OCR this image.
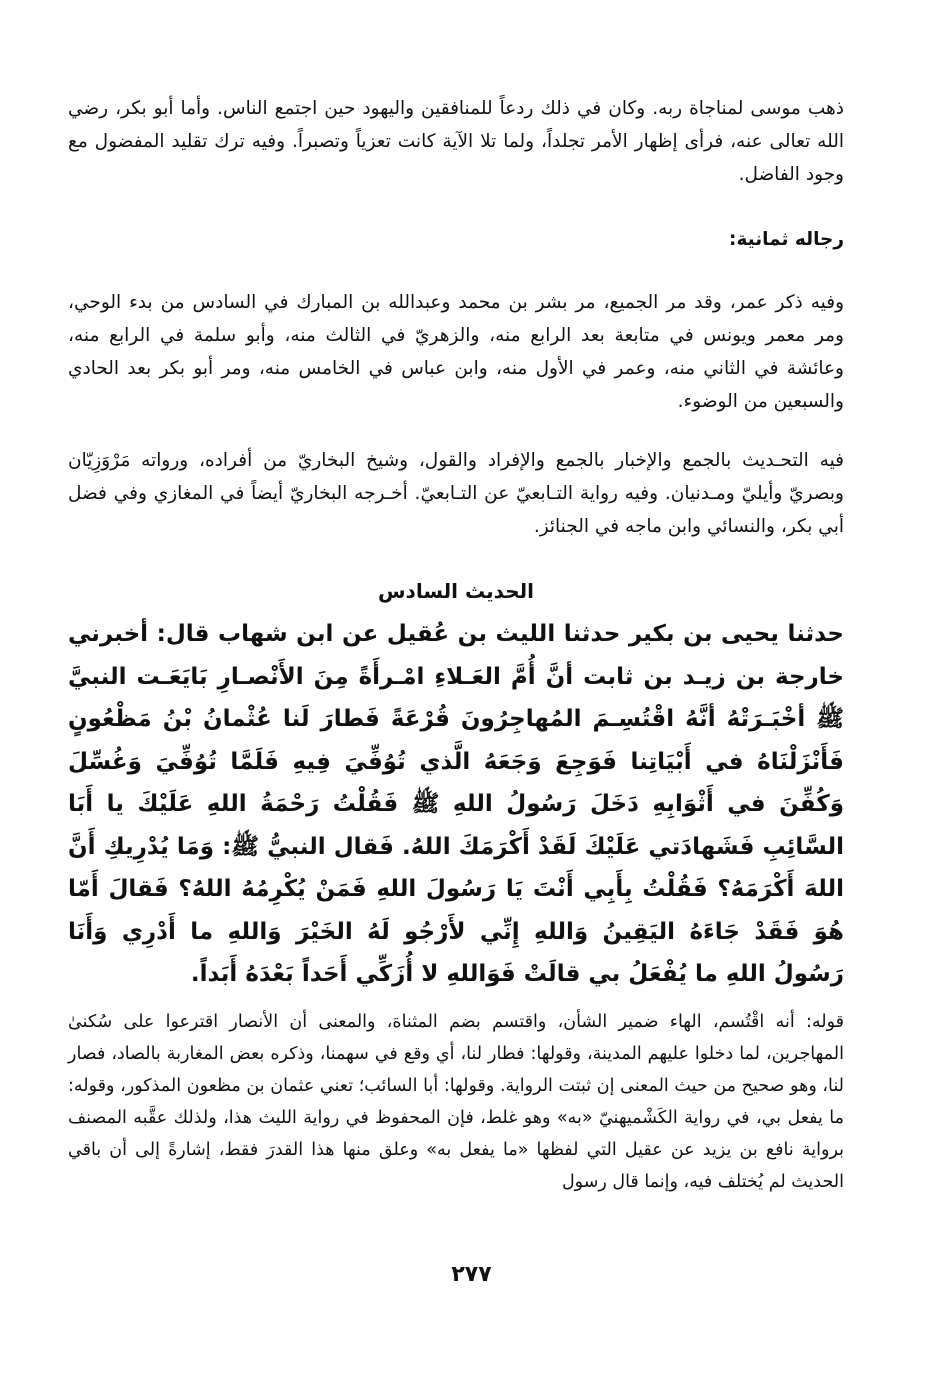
ذهب موسى لمناجاة ربه. وكان في ذلك ردعاً للمنافقين واليهود حين اجتمع الناس. وأما أبو بكر، رضي الله تعالى عنه، فرأى إظهار الأمر تجلداً، ولما تلا الآية كانت تعزياً وتصبراً. وفيه ترك تقليد المفضول مع وجود الفاضل.

رجاله ثمانية:

وفيه ذكر عمر، وقد مر الجميع، مر بشر بن محمد وعبدالله بن المبارك في السادس من بدء الوحي، ومر معمر ويونس في متابعة بعد الرابع منه، والزهريّ في الثالث منه، وأبو سلمة في الرابع منه، وعائشة في الثاني منه، وعمر في الأول منه، وابن عباس في الخامس منه، ومر أبو بكر بعد الحادي والسبعين من الوضوء.

فيه التحـديث بالجمع والإخبار بالجمع والإفراد والقول، وشيخ البخاريّ من أفراده، ورواته مَرْوَزِيّان وبصريّ وأيليّ ومـدنيان. وفيه رواية التـابعيّ عن التـابعيّ. أخـرجه البخاريّ أيضاً في المغازي وفي فضل أبي بكر، والنسائي وابن ماجه في الجنائز.

الحديث السادس

حدثنا يحيى بن بكير حدثنا الليث بن عُقيل عن ابن شهاب قال: أخبرني خارجة بن زيـد بن ثابت أنَّ أُمَّ العَـلاءِ امْـرأَةً مِنَ الأَنْصـارِ بَايَعَـت النبيَّ ﷺ أخْبَـرَتْهُ أنَّهُ اقْتُسِـمَ المُهاجِرُونَ قُرْعَةً فَطارَ لَنا عُثْمانُ بْنُ مَظْعُونٍ فَأَنْزَلْنَاهُ في أَبْيَاتِنا فَوَجِعَ وَجَعَهُ الَّذي تُوُفِّيَ فِيهِ فَلَمَّا تُوُفِّيَ وَغُسِّلَ وَكُفِّنَ في أَثْوَابِهِ دَخَلَ رَسُولُ اللهِ ﷺ فَقُلْتُ رَحْمَةُ اللهِ عَلَيْكَ يا أَبَا السَّائِبِ فَشَهادَتي عَلَيْكَ لَقَدْ أَكْرَمَكَ اللهُ. فَقال النبيُّ ﷺ: وَمَا يُدْرِيكِ أَنَّ اللهَ أَكْرَمَهُ؟ فَقُلْتُ بِأَبِي أَنْتَ يَا رَسُولَ اللهِ فَمَنْ يُكْرِمُهُ اللهُ؟ فَقالَ أَمّا هُوَ فَقَدْ جَاءَهُ اليَقِينُ وَاللهِ إِنِّي لأَرْجُو لَهُ الخَيْرَ وَاللهِ ما أَدْرِي وَأَنَا رَسُولُ اللهِ ما يُفْعَلُ بي قالَتْ فَوَاللهِ لا أُزَكِّي أَحَداً بَعْدَهُ أَبَداً.

قوله: أنه اقْتُسم، الهاء ضمير الشأن، واقتسم بضم المثناة، والمعنى أن الأنصار اقترعوا على سُكنىٰ المهاجرين، لما دخلوا عليهم المدينة، وقولها: فطار لنا، أي وقع في سهمنا، وذكره بعض المغاربة بالصاد، فصار لنا، وهو صحيح من حيث المعنى إن ثبتت الرواية. وقولها: أبا السائب؛ تعني عثمان بن مظعون المذكور، وقوله: ما يفعل بي، في رواية الكَشْميهنيّ «به» وهو غلط، فإن المحفوظ في رواية الليث هذا، ولذلك عقَّبه المصنف برواية نافع بن يزيد عن عقيل التي لفظها «ما يفعل به» وعلق منها هذا القدرَ فقط، إشارةً إلى أن باقي الحديث لم يُختلف فيه، وإنما قال رسول

٢٧٧
